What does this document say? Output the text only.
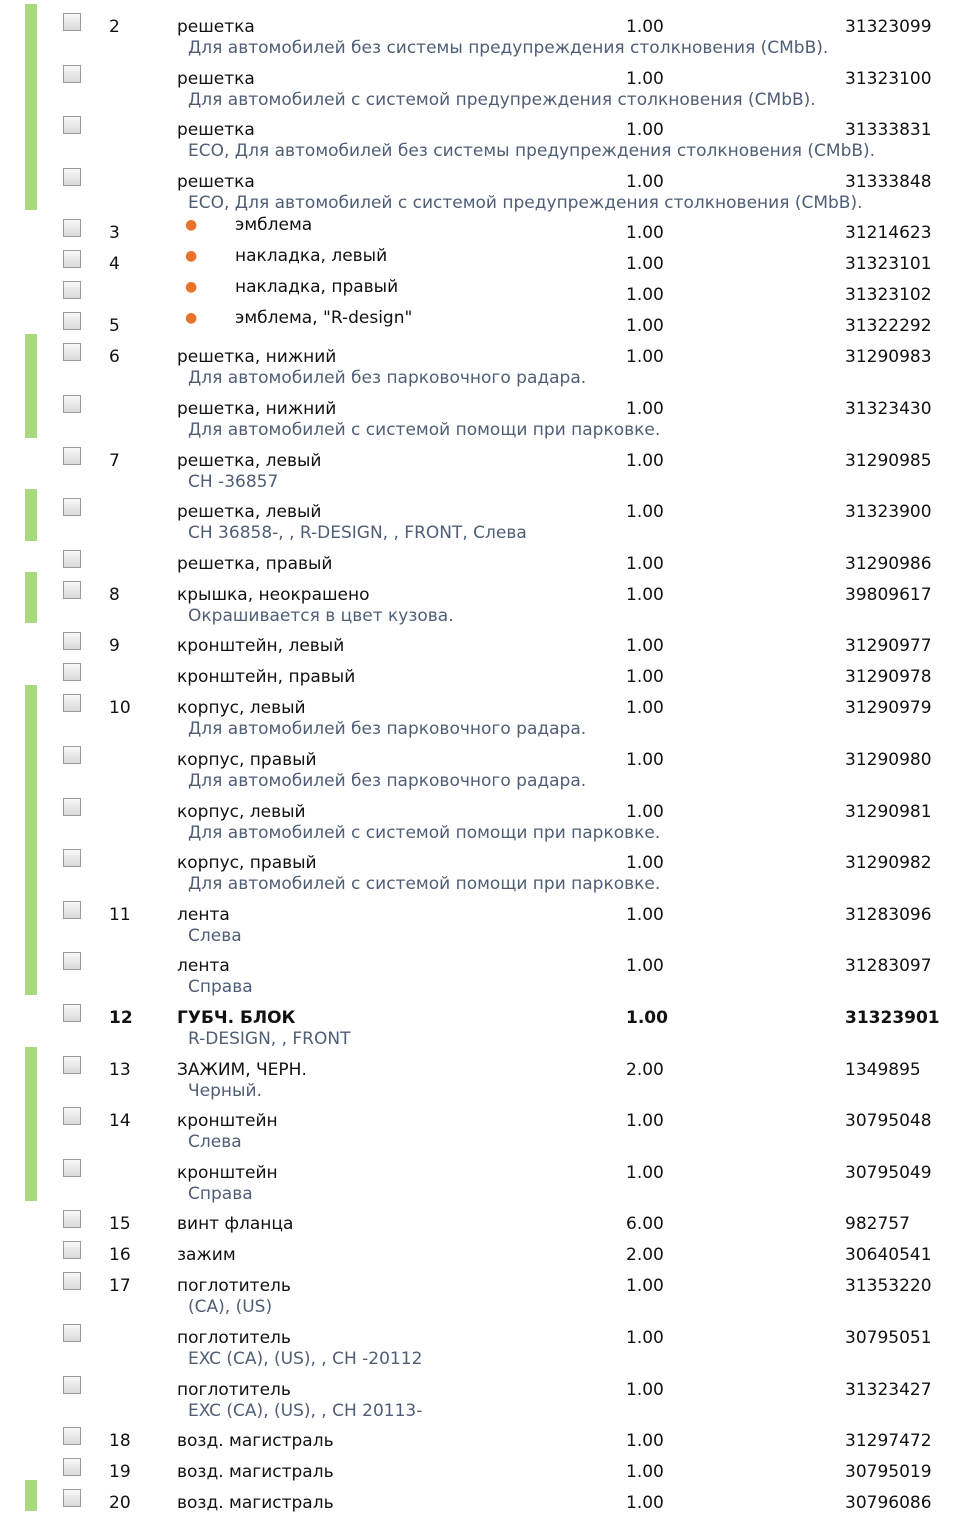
2	решетка	1.00	31323099
Для автомобилей без системы предупреждения столкновения (CMbB).
решетка	1.00	31323100
Для автомобилей с системой предупреждения столкновения (CMbB).
решетка	1.00	31333831
ECO, Для автомобилей без системы предупреждения столкновения (CMbB).
решетка	1.00	31333848
ECO, Для автомобилей с системой предупреждения столкновения (CMbB).
3	● эмблема	1.00	31214623
4	● накладка, левый	1.00	31323101
● накладка, правый	1.00	31323102
5	● эмблема, "R-design"	1.00	31322292
6	решетка, нижний	1.00	31290983
Для автомобилей без парковочного радара.
решетка, нижний	1.00	31323430
Для автомобилей с системой помощи при парковке.
7	решетка, левый	1.00	31290985
CH -36857
решетка, левый	1.00	31323900
CH 36858-, , R-DESIGN, , FRONT, Слева
решетка, правый	1.00	31290986
8	крышка, неокрашено	1.00	39809617
Окрашивается в цвет кузова.
9	кронштейн, левый	1.00	31290977
кронштейн, правый	1.00	31290978
10	корпус, левый	1.00	31290979
Для автомобилей без парковочного радара.
корпус, правый	1.00	31290980
Для автомобилей без парковочного радара.
корпус, левый	1.00	31290981
Для автомобилей с системой помощи при парковке.
корпус, правый	1.00	31290982
Для автомобилей с системой помощи при парковке.
11	лента	1.00	31283096
Слева
лента	1.00	31283097
Справа
12	ГУБЧ. БЛОК	1.00	31323901
R-DESIGN, , FRONT
13	ЗАЖИМ, ЧЕРН.	2.00	1349895
Черный.
14	кронштейн	1.00	30795048
Слева
кронштейн	1.00	30795049
Справа
15	винт фланца	6.00	982757
16	зажим	2.00	30640541
17	поглотитель	1.00	31353220
(CA), (US)
поглотитель	1.00	30795051
EXC (CA), (US), , CH -20112
поглотитель	1.00	31323427
EXC (CA), (US), , CH 20113-
18	возд. магистраль	1.00	31297472
19	возд. магистраль	1.00	30795019
20	возд. магистраль	1.00	30796086
